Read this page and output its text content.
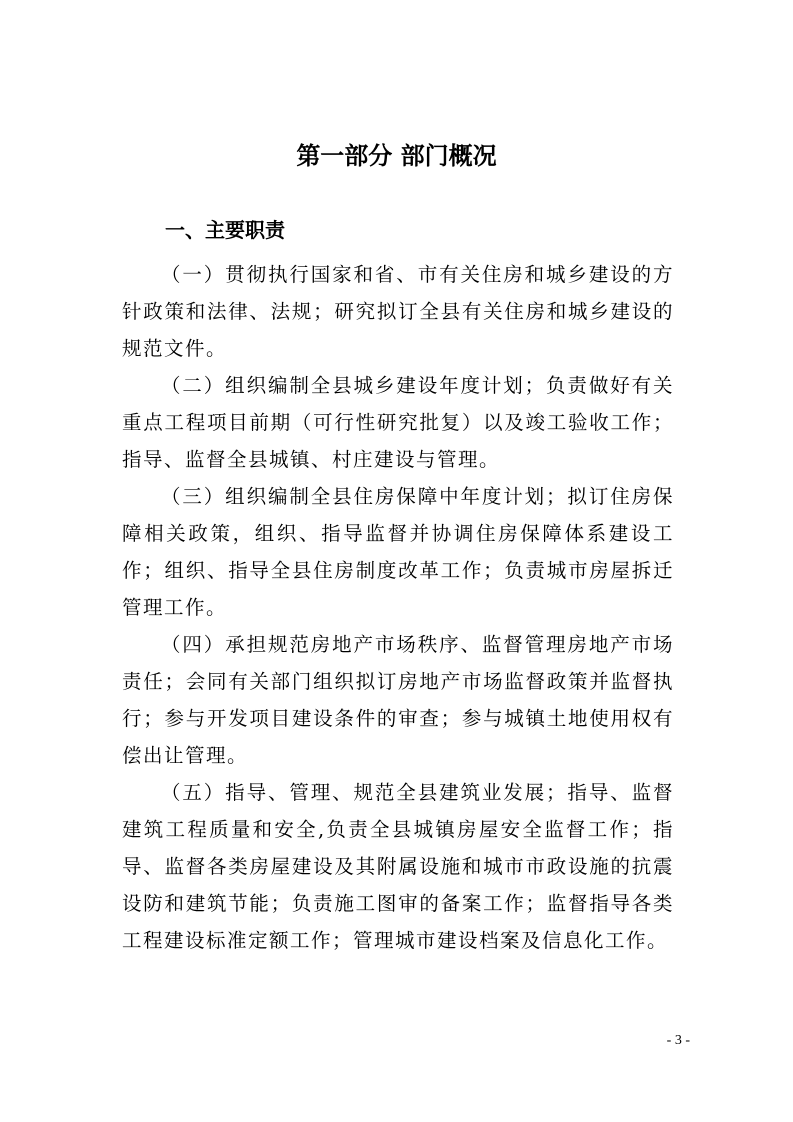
第一部分 部门概况
一、主要职责

（一）贯彻执行国家和省、市有关住房和城乡建设的方针政策和法律、法规；研究拟订全县有关住房和城乡建设的规范文件。

（二）组织编制全县城乡建设年度计划；负责做好有关重点工程项目前期（可行性研究批复）以及竣工验收工作；指导、监督全县城镇、村庄建设与管理。

（三）组织编制全县住房保障中年度计划；拟订住房保障相关政策，组织、指导监督并协调住房保障体系建设工作；组织、指导全县住房制度改革工作；负责城市房屋拆迁管理工作。

（四）承担规范房地产市场秩序、监督管理房地产市场责任；会同有关部门组织拟订房地产市场监督政策并监督执行；参与开发项目建设条件的审查；参与城镇土地使用权有偿出让管理。

（五）指导、管理、规范全县建筑业发展；指导、监督建筑工程质量和安全,负责全县城镇房屋安全监督工作；指导、监督各类房屋建设及其附属设施和城市市政设施的抗震设防和建筑节能；负责施工图审的备案工作；监督指导各类工程建设标准定额工作；管理城市建设档案及信息化工作。

- 3 -
